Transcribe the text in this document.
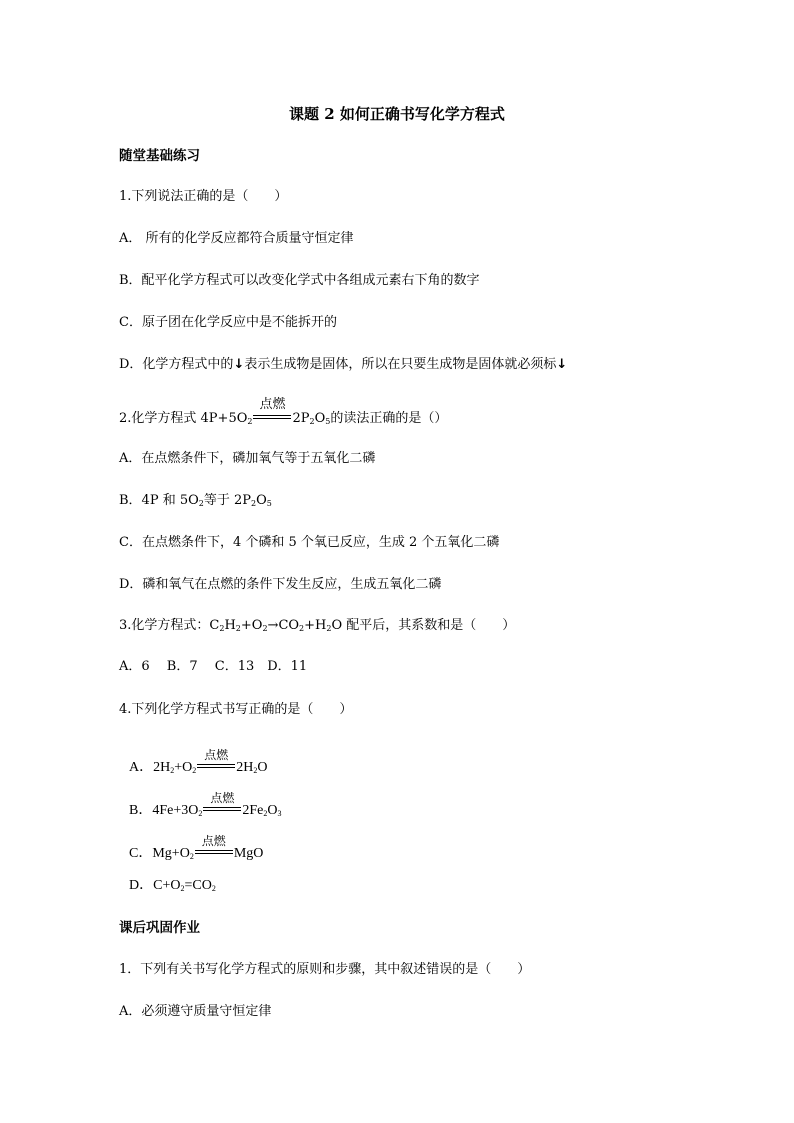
课题 2 如何正确书写化学方程式
随堂基础练习
1.下列说法正确的是（　　）
A． 所有的化学反应都符合质量守恒定律
B．配平化学方程式可以改变化学式中各组成元素右下角的数字
C．原子团在化学反应中是不能拆开的
D．化学方程式中的↓表示生成物是固体，所以在只要生成物是固体就必须标↓
2.化学方程式 $4P+5O_2$
点燃
$2P_2O_5$的读法正确的是（）
A．在点燃条件下，磷加氧气等于五氧化二磷
B．4P 和 $5O_2$等于 $2P_2O_5$
C．在点燃条件下，4 个磷和 5 个氧已反应，生成 2 个五氧化二磷
D．磷和氧气在点燃的条件下发生反应，生成五氧化二磷
3.化学方程式：$C_2H_2+O_2\to CO_2+H_2O$ 配平后，其系数和是（　　）
A．6　 B．7　 C．13　D．11
4.下列化学方程式书写正确的是（　　）
A．$2H_2+O_2$
点燃
$2H_2O$
B．$4Fe+3O_2$
点燃
$2Fe_2O_3$
C．$Mg+O_2$
点燃
MgO
D．$C+O_2=CO_2$
课后巩固作业
1．下列有关书写化学方程式的原则和步骤，其中叙述错误的是（　　）
A．必须遵守质量守恒定律
